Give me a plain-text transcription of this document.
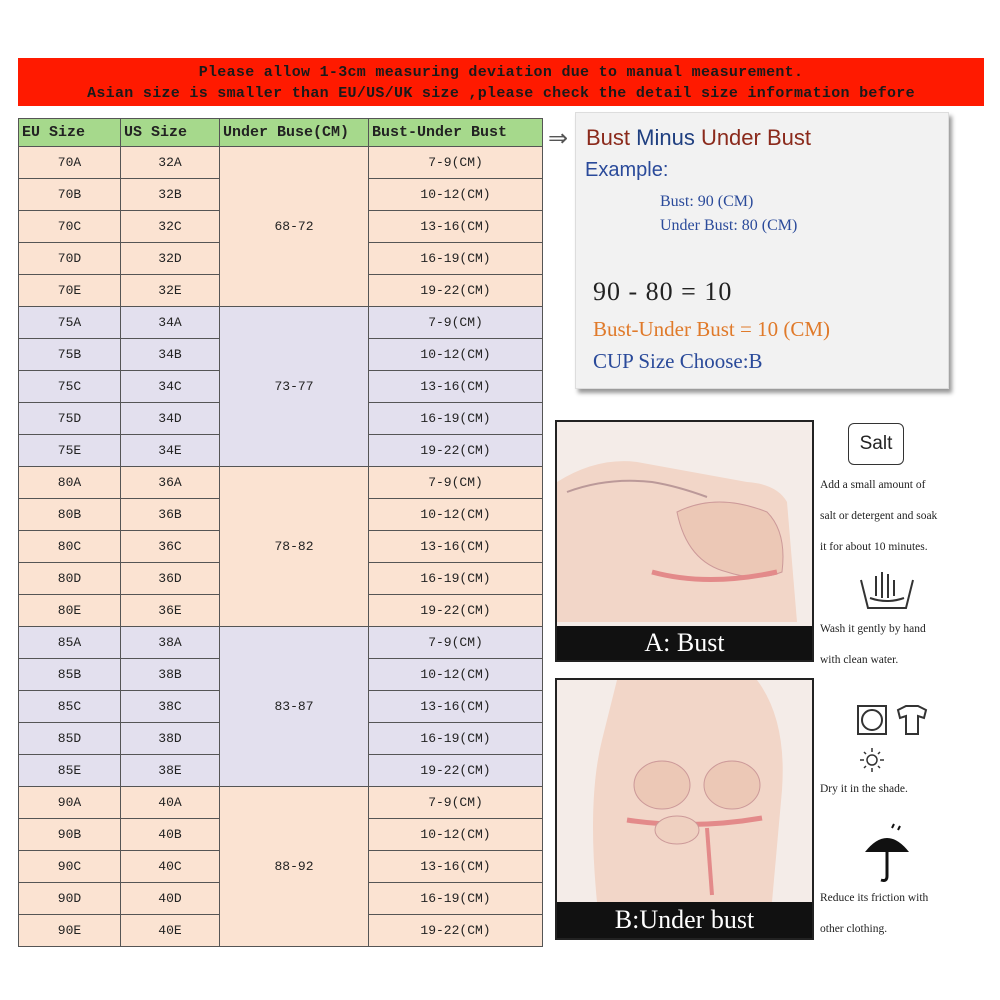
Please allow 1-3cm measuring deviation due to manual measurement.
Asian size is smaller than EU/US/UK size ,please check the detail size information before
EU Size	US Size	Under Buse(CM)	Bust-Under Bust
70A	32A	68-72	7-9(CM)
70B	32B		10-12(CM)
70C	32C		13-16(CM)
70D	32D		16-19(CM)
70E	32E		19-22(CM)
75A	34A	73-77	7-9(CM)
75B	34B		10-12(CM)
75C	34C		13-16(CM)
75D	34D		16-19(CM)
75E	34E		19-22(CM)
80A	36A	78-82	7-9(CM)
80B	36B		10-12(CM)
80C	36C		13-16(CM)
80D	36D		16-19(CM)
80E	36E		19-22(CM)
85A	38A	83-87	7-9(CM)
85B	38B		10-12(CM)
85C	38C		13-16(CM)
85D	38D		16-19(CM)
85E	38E		19-22(CM)
90A	40A	88-92	7-9(CM)
90B	40B		10-12(CM)
90C	40C		13-16(CM)
90D	40D		16-19(CM)
90E	40E		19-22(CM)
⇒ Bust Minus Under Bust
Example:
Bust: 90 (CM)
Under Bust: 80 (CM)
90 - 80 = 10
Bust-Under Bust = 10 (CM)
CUP Size Choose:B
A: Bust
B:Under bust
Salt
Add a small amount of
salt or detergent and soak
it for about 10 minutes.
Wash it gently by hand
with clean water.
Dry it in the shade.
Reduce its friction with
other clothing.
